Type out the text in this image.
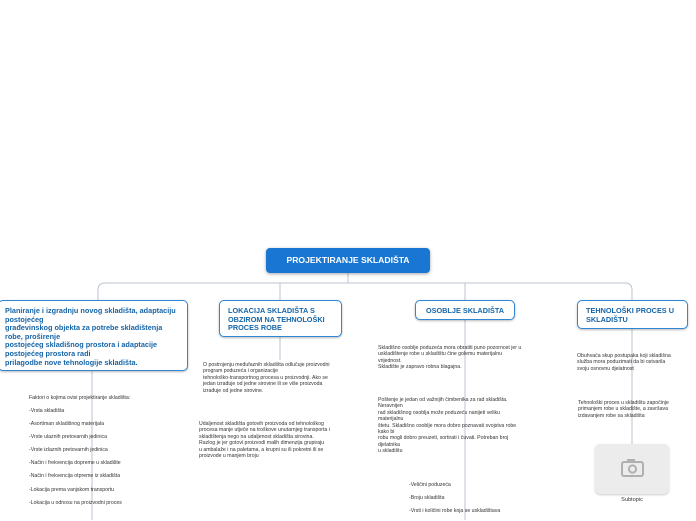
PROJEKTIRANJE SKLADIŠTA
Planiranje i izgradnju novog skladišta, adaptaciju postojećeg
građevinskog objekta za potrebe skladištenja robe, proširenje
postojećeg skladišnog prostora i adaptacije postojećeg prostora radi
prilagodbe nove tehnologije skladišta.
Faktori o kojima ovisi projektiranje skladišta:
-Vrsta skladišta
-Asortiman skladišnog materijala
-Vrste ulaznih pretovarnih jedinica
-Vrste izlaznih pretovarnih jedinica
-Način i frekvencija dopreme u skladište
-Način i frekvencija otpreme iz skladišta
-Lokacija prema vanjskom transportu
-Lokacija u odnosu na proizvodni proces
LOKACIJA SKLADIŠTA S
OBZIROM NA TEHNOLOŠKI
PROCES ROBE
O postrojenju međufaznih skladišta odlučuje proizvodni
program poduzeća i organizacije
tehnološko-transportnog procesa u proizvodnji. Ako se
jedan izrađuje od jedne sirovine ili se više proizvoda
izrađuje od jedne sirovine.
Udaljenost skladišta gotovih proizvoda od tehnološkog
procesa manje utječe na troškove unutarnjeg transporta i
skladištenja nego na udaljenost skladišta sirovina.
Razlog je jer gotovi proizvodi malih dimenzija grupiraju
u ambalaže i na paletama, a krupni su ili pokretni ili se
proizvode u manjem broju
OSOBLJE SKLADIŠTA
Skladišno osoblje poduzeća mora obratiti puno pozornost jer u
uskladištenje robe u skladištu čine golemu materijalnu
vrijednost.
Skladište je zapravo robna blagajna.
Poštenje je jedan od važnijih čimbenika za rad skladišta.
Neravnijen
rad skladišnog osoblja može poduzeću nanijeti veliku
materijalnu
štetu. Skladišno osoblje mora dobro poznavati svojstva robe
kako bi
robu mogli dobro preuzeti, sortirati i čuvati. Potreban broj
djelatnika
u skladištu
-Veličini poduzeća
-Broju skladišta
-Vrsti i količini robe koja se uskladištava
TEHNOLOŠKI PROCES U
SKLADIŠTU
Obuhvaća skup postupaka koji skladišna
služba mora poduzimati da bi ostvarila
svoju osnovnu djelatnost
Tehnološki proces u skladištu započinje
primanjem robe u skladište, a završava
izdavanjem robe sa skladišta
Subtopic
